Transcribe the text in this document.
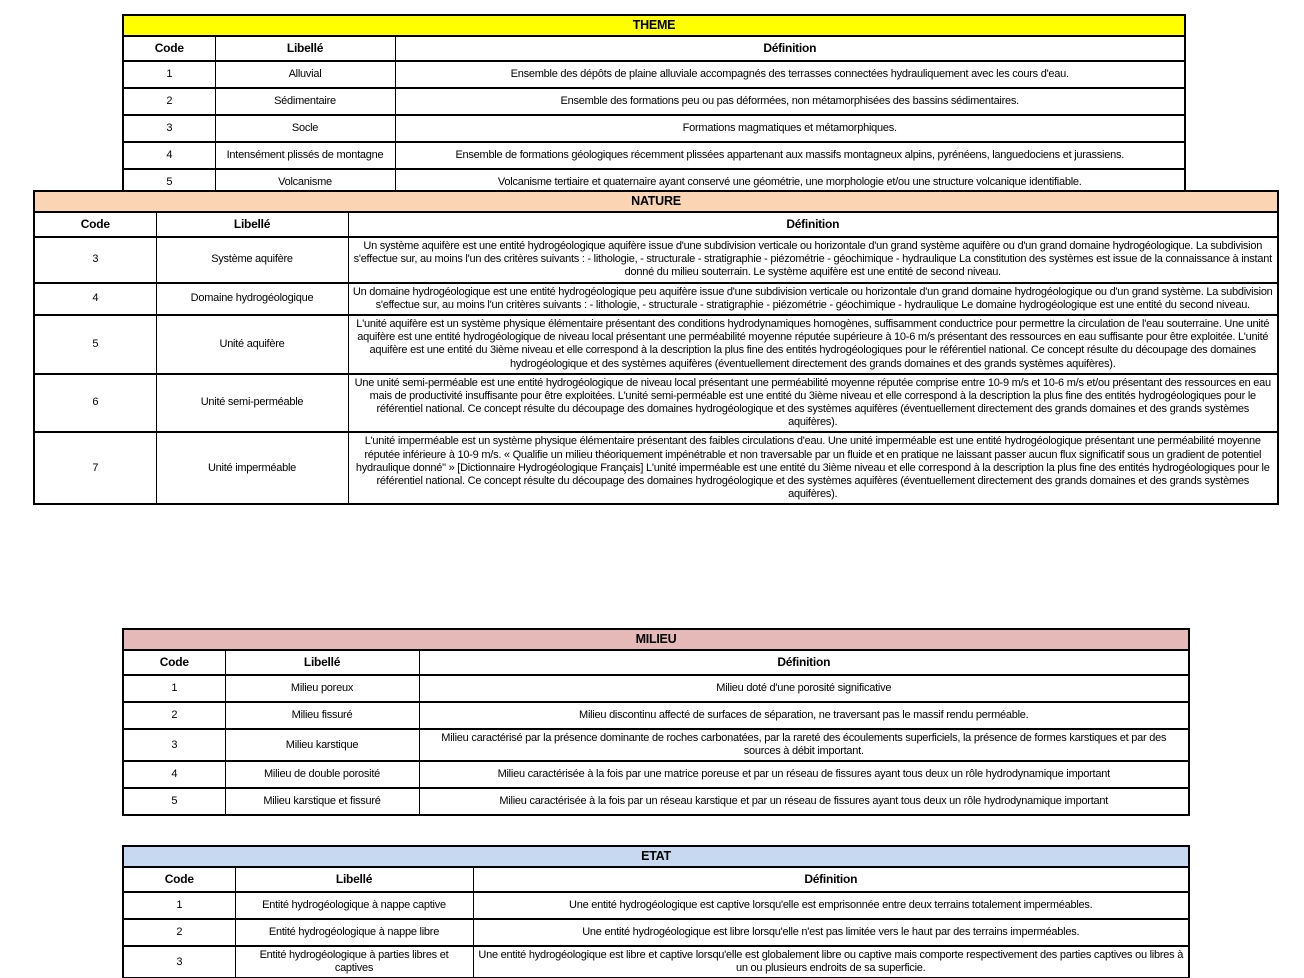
THEME		
Code	Libellé	Définition
1	Alluvial	Ensemble des dépôts de plaine alluviale accompagnés des terrasses connectées hydrauliquement avec les cours d'eau.
2	Sédimentaire	Ensemble des formations peu ou pas déformées, non métamorphisées des bassins sédimentaires.
3	Socle	Formations magmatiques et métamorphiques.
4	Intensément plissés de montagne	Ensemble de formations géologiques récemment plissées appartenant aux massifs montagneux alpins, pyrénéens, languedociens et jurassiens.
5	Volcanisme	Volcanisme tertiaire et quaternaire ayant conservé une géométrie, une morphologie et/ou une structure volcanique identifiable.
NATURE		
Code	Libellé	Définition
3	Système aquifère	Un système aquifère est une entité hydrogéologique aquifère issue d'une subdivision verticale ou horizontale d'un grand système aquifère ou d'un grand domaine hydrogéologique. La subdivision s'effectue sur, au moins l'un des critères suivants : - lithologie, - structurale - stratigraphie - piézométrie - géochimique - hydraulique La constitution des systèmes est issue de la connaissance à instant donné du milieu souterrain. Le système aquifère est une entité de second niveau.
4	Domaine hydrogéologique	Un domaine hydrogéologique est une entité hydrogéologique peu aquifère issue d'une subdivision verticale ou horizontale d'un grand domaine hydrogéologique ou d'un grand système. La subdivision s'effectue sur, au moins l'un critères suivants : - lithologie, - structurale - stratigraphie - piézométrie - géochimique - hydraulique Le domaine hydrogéologique est une entité du second niveau.
5	Unité aquifère	L'unité aquifère est un système physique élémentaire présentant des conditions hydrodynamiques homogènes, suffisamment conductrice pour permettre la circulation de l'eau souterraine. Une unité aquifère est une entité hydrogéologique de niveau local présentant une perméabilité moyenne réputée supérieure à 10-6 m/s présentant des ressources en eau suffisante pour être exploitée. L'unité aquifère est une entité du 3ième niveau et elle correspond à la description la plus fine des entités hydrogéologiques pour le référentiel national. Ce concept résulte du découpage des domaines hydrogéologique et des systèmes aquifères (éventuellement directement des grands domaines et des grands systèmes aquifères).
6	Unité semi-perméable	Une unité semi-perméable est une entité hydrogéologique de niveau local présentant une perméabilité moyenne réputée comprise entre 10-9 m/s et 10-6 m/s et/ou présentant des ressources en eau mais de productivité insuffisante pour être exploitées. L'unité semi-perméable est une entité du 3ième niveau et elle correspond à la description la plus fine des entités hydrogéologiques pour le référentiel national. Ce concept résulte du découpage des domaines hydrogéologique et des systèmes aquifères (éventuellement directement des grands domaines et des grands systèmes aquifères).
7	Unité imperméable	L'unité imperméable est un système physique élémentaire présentant des faibles circulations d'eau. Une unité imperméable est une entité hydrogéologique présentant une perméabilité moyenne réputée inférieure à 10-9 m/s. « Qualifie un milieu théoriquement impénétrable et non traversable par un fluide et en pratique ne laissant passer aucun flux significatif sous un gradient de potentiel hydraulique donné" » [Dictionnaire Hydrogéologique Français] L'unité imperméable est une entité du 3ième niveau et elle correspond à la description la plus fine des entités hydrogéologiques pour le référentiel national. Ce concept résulte du découpage des domaines hydrogéologique et des systèmes aquifères (éventuellement directement des grands domaines et des grands systèmes aquifères).
MILIEU		
Code	Libellé	Définition
1	Milieu poreux	Milieu doté d'une porosité significative
2	Milieu fissuré	Milieu discontinu affecté de surfaces de séparation, ne traversant pas le massif rendu perméable.
3	Milieu karstique	Milieu caractérisé par la présence dominante de roches carbonatées, par la rareté des écoulements superficiels, la présence de formes karstiques et par des sources à débit important.
4	Milieu de double porosité	Milieu caractérisée à la fois par une matrice poreuse et par un réseau de fissures ayant tous deux un rôle hydrodynamique important
5	Milieu karstique et fissuré	Milieu caractérisée à la fois par un réseau karstique et par un réseau de fissures ayant tous deux un rôle hydrodynamique important
ETAT		
Code	Libellé	Définition
1	Entité hydrogéologique à nappe captive	Une entité hydrogéologique est captive lorsqu'elle est emprisonnée entre deux terrains totalement imperméables.
2	Entité hydrogéologique à nappe libre	Une entité hydrogéologique est libre lorsqu'elle n'est pas limitée vers le haut par des terrains imperméables.
3	Entité hydrogéologique à parties libres et captives	Une entité hydrogéologique est libre et captive lorsqu'elle est globalement libre ou captive mais comporte respectivement des parties captives ou libres à un ou plusieurs endroits de sa superficie.
